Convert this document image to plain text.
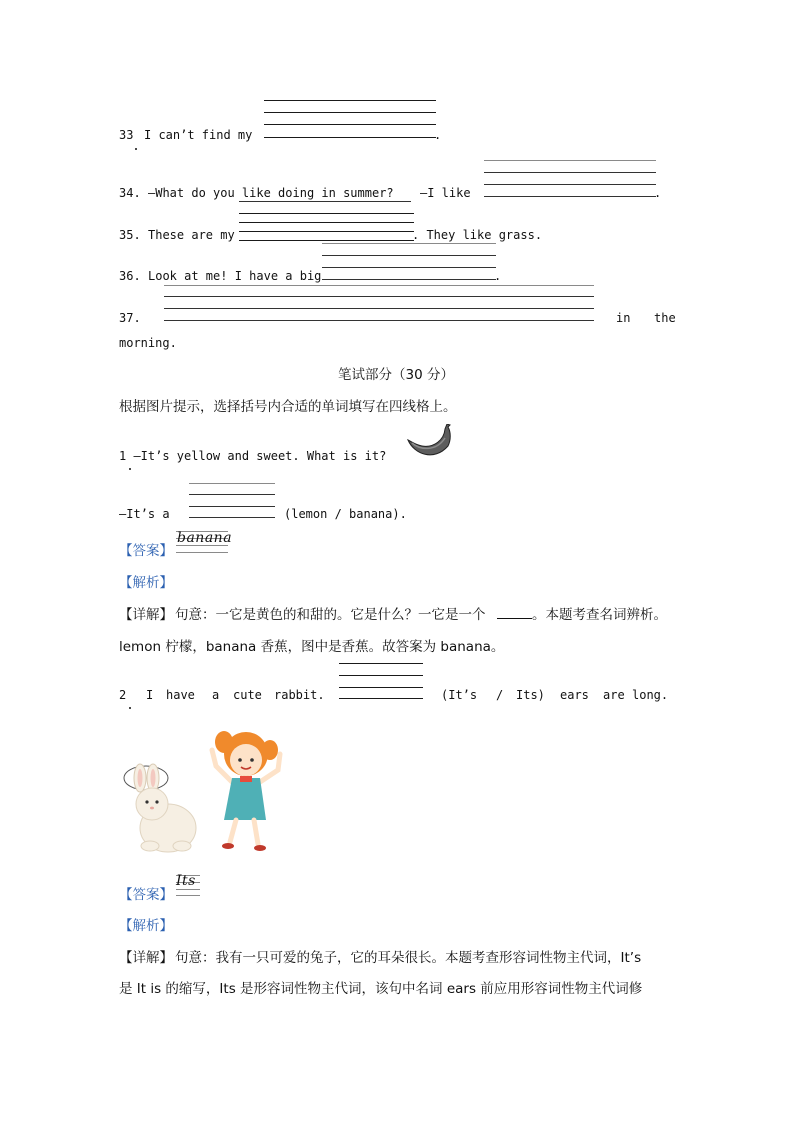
33 I can’t find my	.
34. —What do you like doing in summer? —I like	.
35. These are my	. They like grass.
36. Look at me! I have a big	.
37.	in the
morning.
笔试部分（30 分）
根据图片提示，选择括号内合适的单词填写在四线格上。
1 —It’s yellow and sweet. What is it?
—It’s a	(lemon / banana).
【答案】
banana
【解析】
【详解】 句意：一它是黄色的和甜的。它是什么？一它是一个	。本题考查名词辨析。
lemon 柠檬，banana 香蕉，图中是香蕉。故答案为 banana。
2 I have a cute rabbit.	(It’s / Its) ears are long.
【答案】
Its
【解析】
【详解】 句意：我有一只可爱的兔子，它的耳朵很长。本题考查形容词性物主代词，It’s
是 It is 的缩写，Its 是形容词性物主代词，该句中名词 ears 前应用形容词性物主代词修
